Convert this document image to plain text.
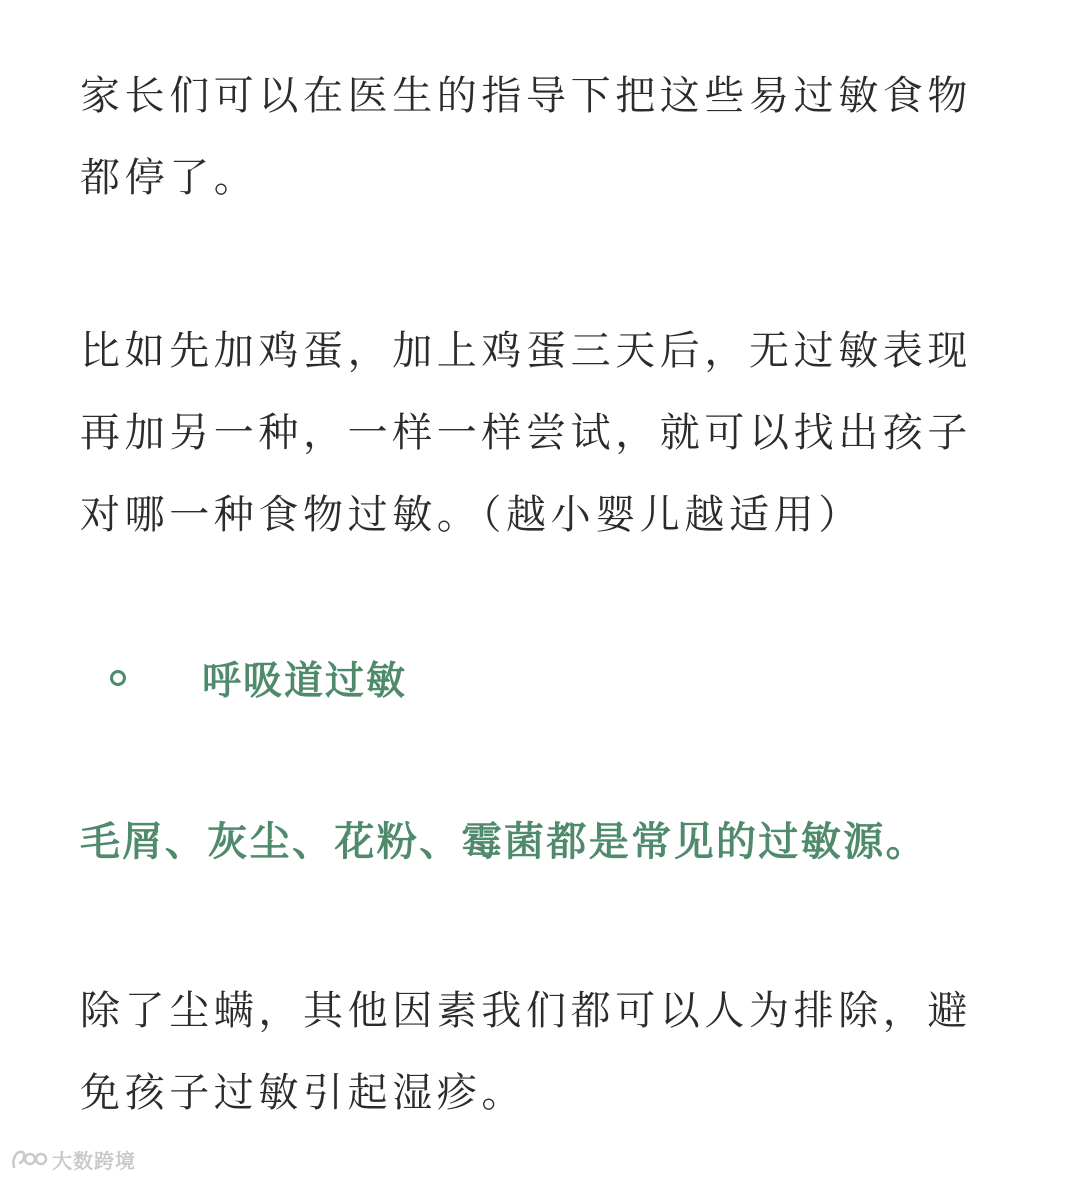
家长们可以在医生的指导下把这些易过敏食物
都停了。

比如先加鸡蛋，加上鸡蛋三天后，无过敏表现
再加另一种，一样一样尝试，就可以找出孩子
对哪一种食物过敏。（越小婴儿越适用）

呼吸道过敏
毛屑、灰尘、花粉、霉菌都是常见的过敏源。

除了尘螨，其他因素我们都可以人为排除，避
免孩子过敏引起湿疹。

大数跨境
